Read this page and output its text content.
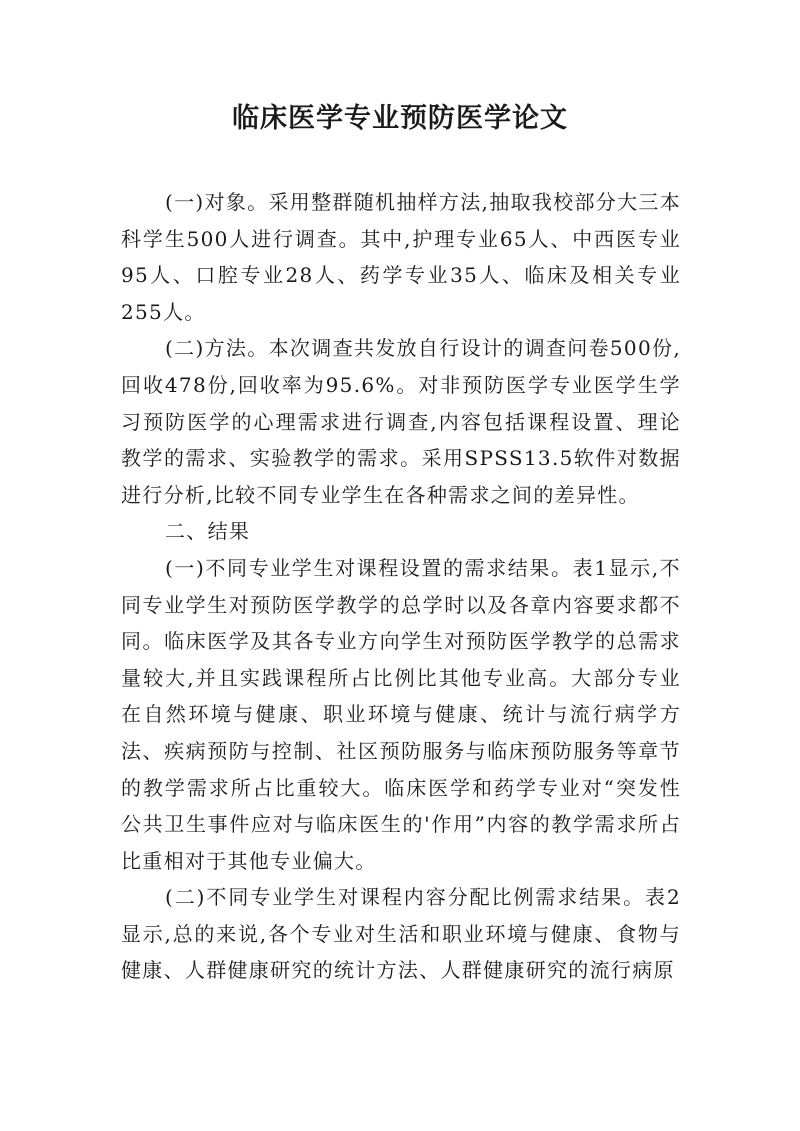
临床医学专业预防医学论文

(一)对象。采用整群随机抽样方法,抽取我校部分大三本科学生500人进行调查。其中,护理专业65人、中西医专业95人、口腔专业28人、药学专业35人、临床及相关专业255人。

(二)方法。本次调查共发放自行设计的调查问卷500份,回收478份,回收率为95.6%。对非预防医学专业医学生学习预防医学的心理需求进行调查,内容包括课程设置、理论教学的需求、实验教学的需求。采用SPSS13.5软件对数据进行分析,比较不同专业学生在各种需求之间的差异性。

二、结果

(一)不同专业学生对课程设置的需求结果。表1显示,不同专业学生对预防医学教学的总学时以及各章内容要求都不同。临床医学及其各专业方向学生对预防医学教学的总需求量较大,并且实践课程所占比例比其他专业高。大部分专业在自然环境与健康、职业环境与健康、统计与流行病学方法、疾病预防与控制、社区预防服务与临床预防服务等章节的教学需求所占比重较大。临床医学和药学专业对“突发性公共卫生事件应对与临床医生的'作用”内容的教学需求所占比重相对于其他专业偏大。

(二)不同专业学生对课程内容分配比例需求结果。表2显示,总的来说,各个专业对生活和职业环境与健康、食物与健康、人群健康研究的统计方法、人群健康研究的流行病原
